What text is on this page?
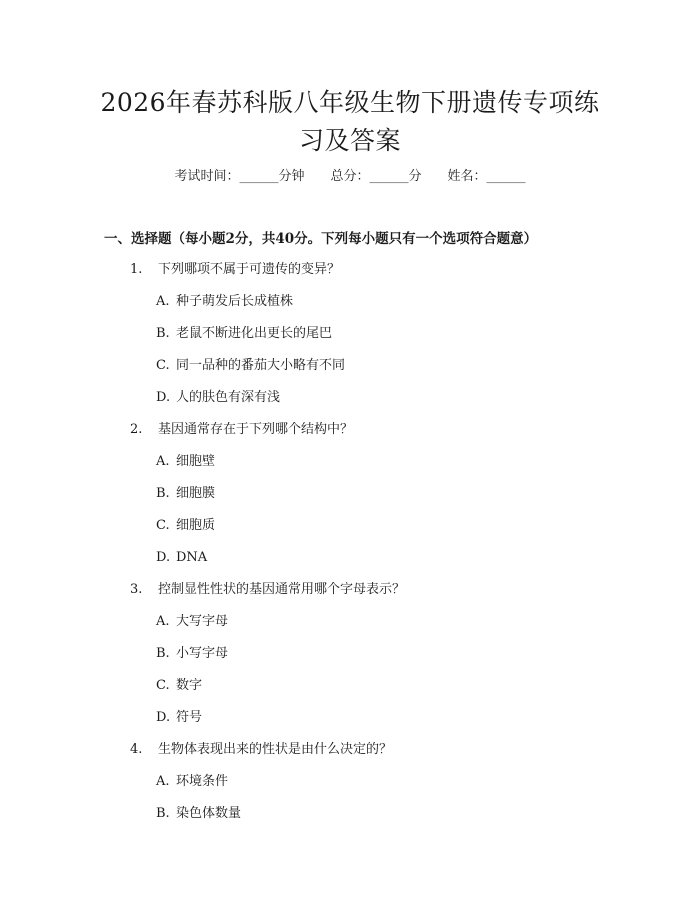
2026年春苏科版八年级生物下册遗传专项练
习及答案
考试时间：______分钟 总分：______分 姓名：______
一、选择题（每小题2分，共40分。下列每小题只有一个选项符合题意）
1. 下列哪项不属于可遗传的变异？
A. 种子萌发后长成植株
B. 老鼠不断进化出更长的尾巴
C. 同一品种的番茄大小略有不同
D. 人的肤色有深有浅
2. 基因通常存在于下列哪个结构中？
A. 细胞壁
B. 细胞膜
C. 细胞质
D. DNA
3. 控制显性性状的基因通常用哪个字母表示？
A. 大写字母
B. 小写字母
C. 数字
D. 符号
4. 生物体表现出来的性状是由什么决定的？
A. 环境条件
B. 染色体数量
